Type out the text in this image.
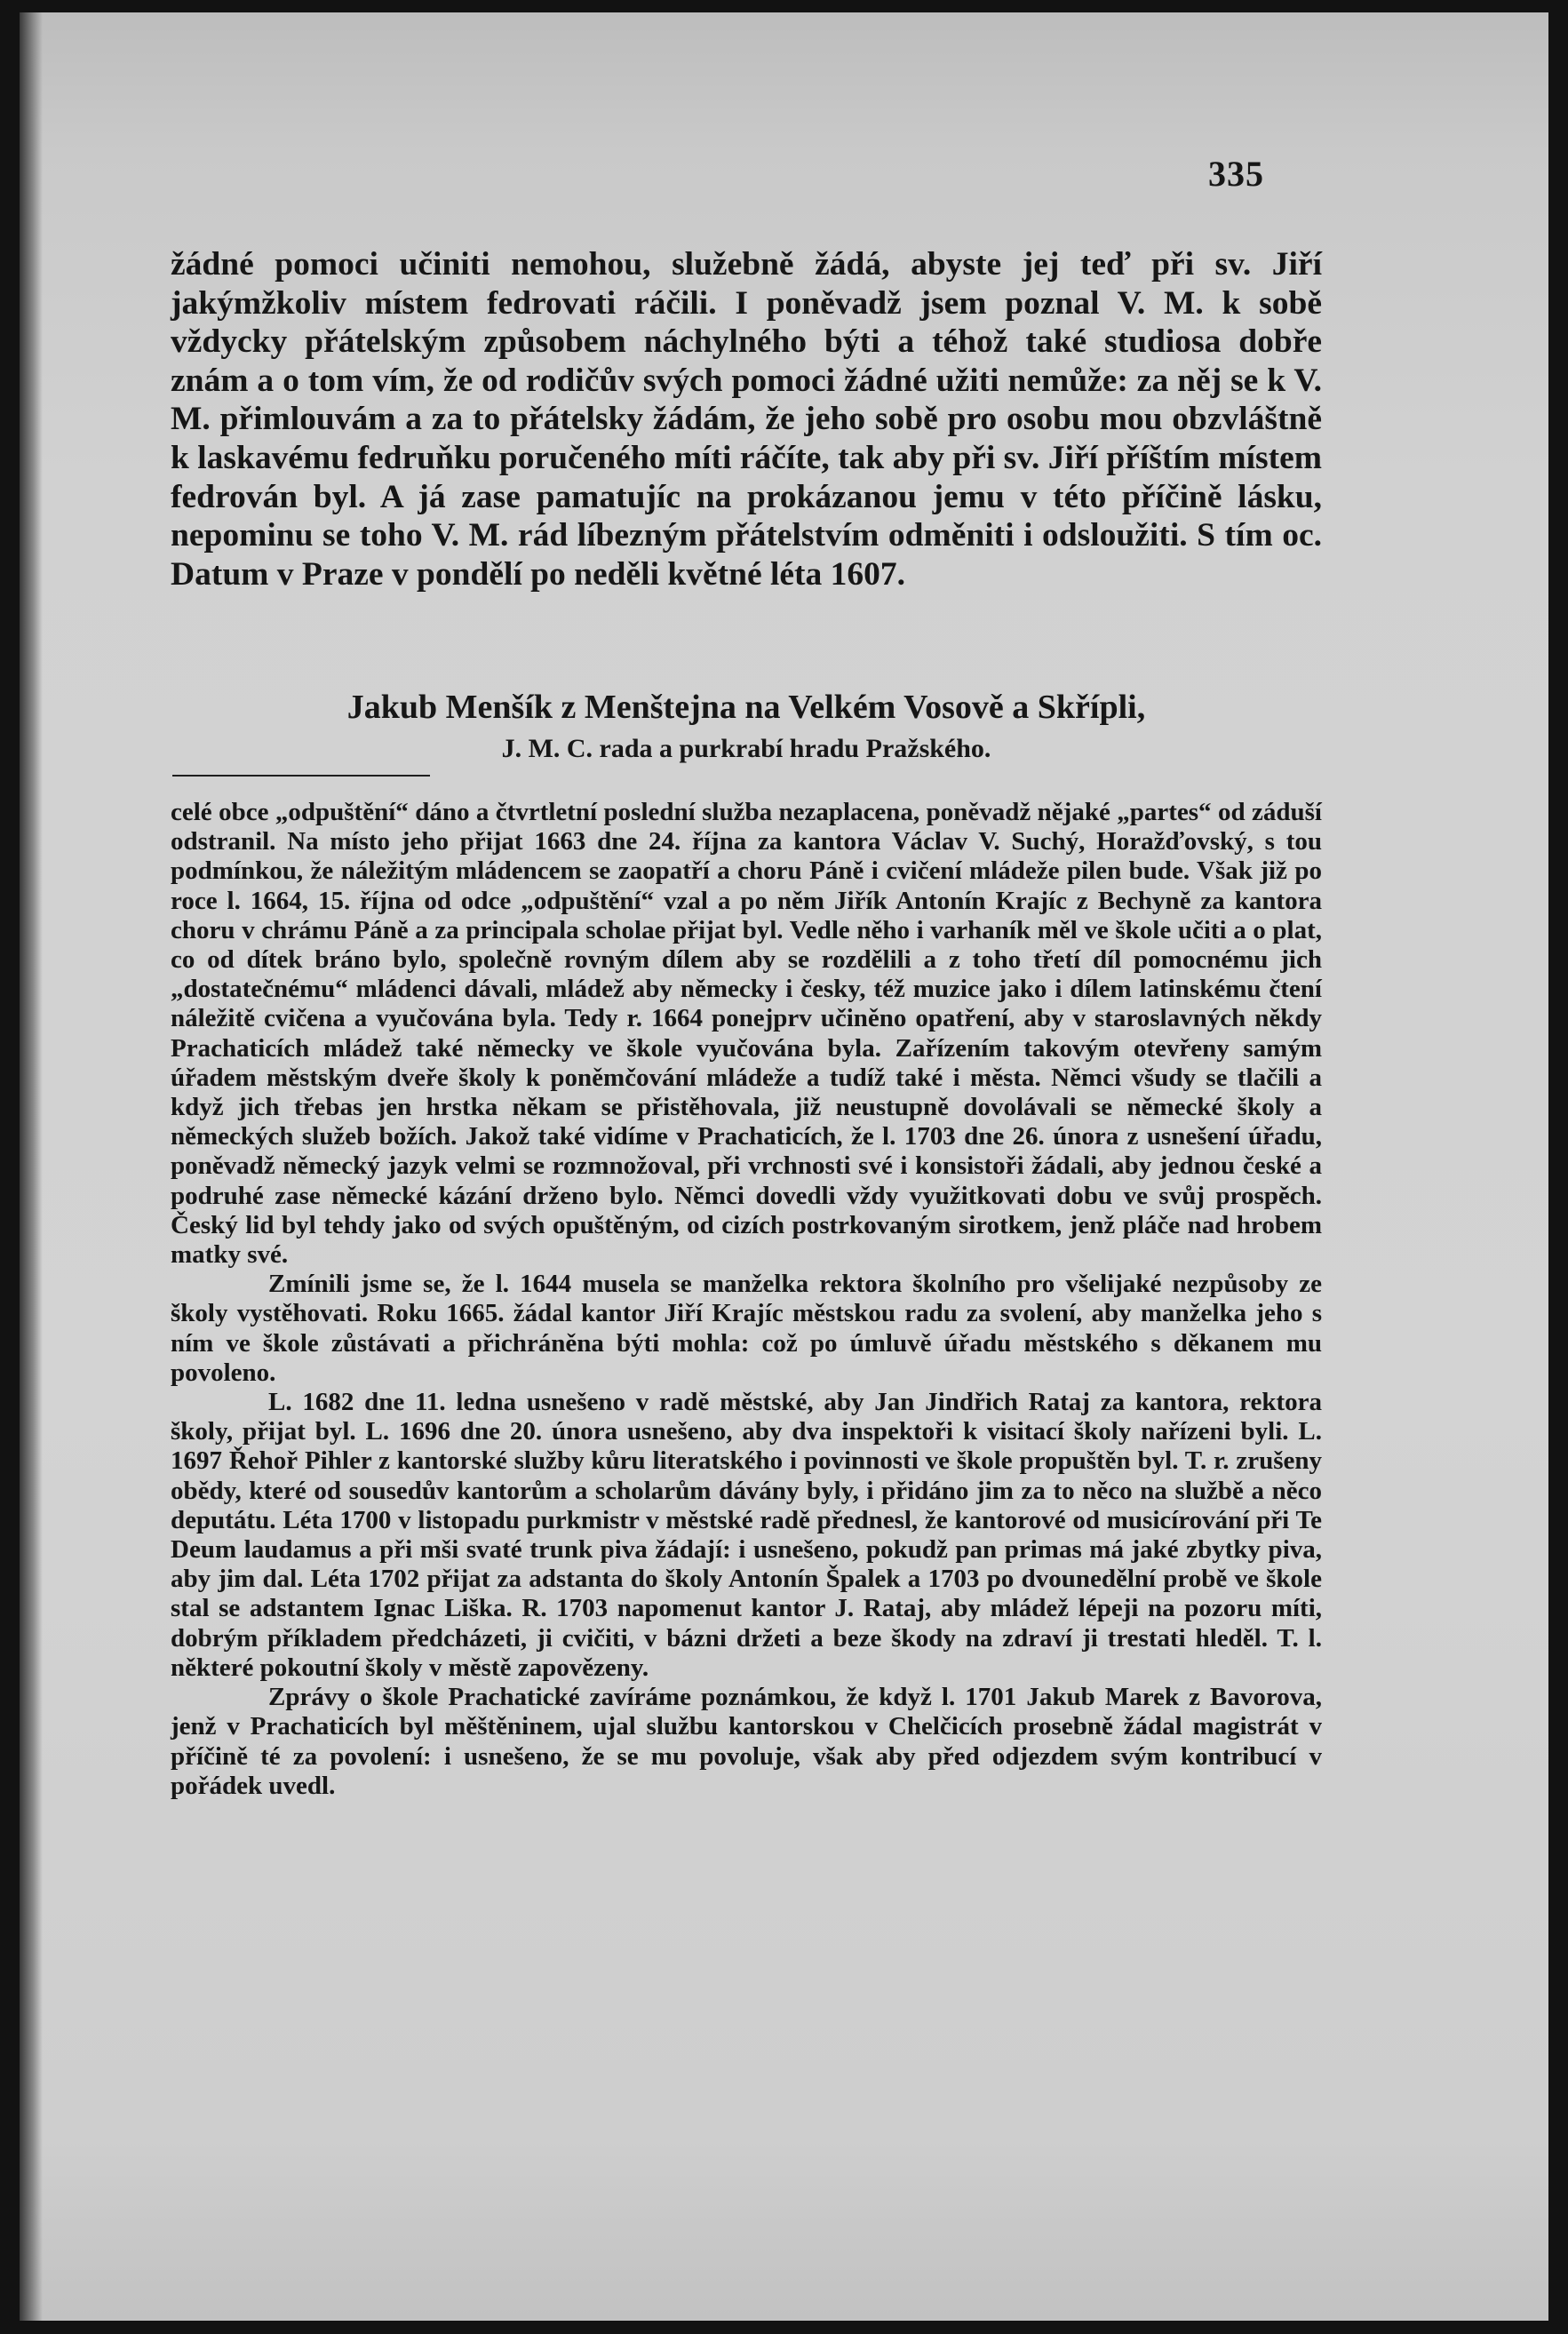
335
žádné pomoci učiniti nemohou, služebně žádá, abyste jej teď při sv. Jiří jakýmžkoliv místem fedrovati ráčili. I poněvadž jsem poznal V. M. k sobě vždycky přátelským způsobem náchylného býti a téhož také studiosa dobře znám a o tom vím, že od rodičův svých pomoci žádné užiti nemůže: za něj se k V. M. přimlouvám a za to přátelsky žádám, že jeho sobě pro osobu mou obzvláštně k laskavému fedruňku poručeného míti ráčíte, tak aby při sv. Jiří příštím místem fedrován byl. A já zase pamatujíc na prokázanou jemu v této příčině lásku, nepominu se toho V. M. rád líbezným přátelstvím odměniti i odsloužiti. S tím oc. Datum v Praze v pondělí po neděli květné léta 1607.
Jakub Menšík z Menštejna na Velkém Vosově a Skřípli,
J. M. C. rada a purkrabí hradu Pražského.

celé obce „odpuštění“ dáno a čtvrtletní poslední služba nezaplacena, poněvadž nějaké „partes“ od záduší odstranil. Na místo jeho přijat 1663 dne 24. října za kantora Václav V. Suchý, Horažďovský, s tou podmínkou, že náležitým mládencem se zaopatří a choru Páně i cvičení mládeže pilen bude. Však již po roce l. 1664, 15. října od odce „odpuštění“ vzal a po něm Jiřík Antonín Krajíc z Bechyně za kantora choru v chrámu Páně a za principala scholae přijat byl. Vedle něho i varhaník měl ve škole učiti a o plat, co od dítek bráno bylo, společně rovným dílem aby se rozdělili a z toho třetí díl pomocnému jich „dostatečnému“ mládenci dávali, mládež aby německy i česky, též muzice jako i dílem latinskému čtení náležitě cvičena a vyučována byla. Tedy r. 1664 ponejprv učiněno opatření, aby v staroslavných někdy Prachaticích mládež také německy ve škole vyučována byla. Zařízením takovým otevřeny samým úřadem městským dveře školy k poněmčování mládeže a tudíž také i města. Němci všudy se tlačili a když jich třebas jen hrstka někam se přistěhovala, již neustupně dovolávali se německé školy a německých služeb božích. Jakož také vidíme v Prachaticích, že l. 1703 dne 26. února z usnešení úřadu, poněvadž německý jazyk velmi se rozmnožoval, při vrchnosti své i konsistoři žádali, aby jednou české a podruhé zase německé kázání drženo bylo. Němci dovedli vždy využitkovati dobu ve svůj prospěch. Český lid byl tehdy jako od svých opuštěným, od cizích postrkovaným sirotkem, jenž pláče nad hrobem matky své.

Zmínili jsme se, že l. 1644 musela se manželka rektora školního pro všelijaké nezpůsoby ze školy vystěhovati. Roku 1665. žádal kantor Jiří Krajíc městskou radu za svolení, aby manželka jeho s ním ve škole zůstávati a přichráněna býti mohla: což po úmluvě úřadu městského s děkanem mu povoleno.

L. 1682 dne 11. ledna usnešeno v radě městské, aby Jan Jindřich Rataj za kantora, rektora školy, přijat byl. L. 1696 dne 20. února usnešeno, aby dva inspektoři k visitací školy nařízeni byli. L. 1697 Řehoř Pihler z kantorské služby kůru literatského i povinnosti ve škole propuštěn byl. T. r. zrušeny obědy, které od sousedův kantorům a scholarům dávány byly, i přidáno jim za to něco na službě a něco deputátu. Léta 1700 v listopadu purkmistr v městské radě přednesl, že kantorové od musicírování při Te Deum laudamus a při mši svaté trunk piva žádají: i usnešeno, pokudž pan primas má jaké zbytky piva, aby jim dal. Léta 1702 přijat za adstanta do školy Antonín Špalek a 1703 po dvounedělní probě ve škole stal se adstantem Ignac Liška. R. 1703 napomenut kantor J. Rataj, aby mládež lépeji na pozoru míti, dobrým příkladem předcházeti, ji cvičiti, v bázni držeti a beze škody na zdraví ji trestati hleděl. T. l. některé pokoutní školy v městě zapovězeny.

Zprávy o škole Prachatické zavíráme poznámkou, že když l. 1701 Jakub Marek z Bavorova, jenž v Prachaticích byl měštěninem, ujal službu kantorskou v Chelčicích prosebně žádal magistrát v příčině té za povolení: i usnešeno, že se mu povoluje, však aby před odjezdem svým kontribucí v pořádek uvedl.
